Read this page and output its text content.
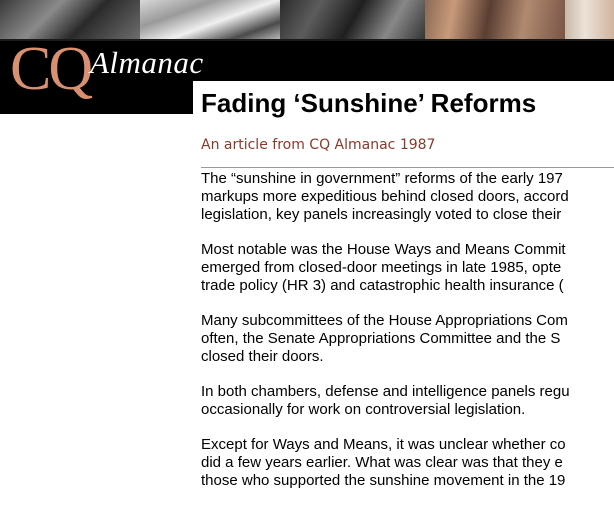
CQ Almanac
Fading ‘Sunshine’ Reforms
An article from CQ Almanac 1987

The “sunshine in government” reforms of the early 197
markups more expeditious behind closed doors, accord
legislation, key panels increasingly voted to close their

Most notable was the House Ways and Means Commit
emerged from closed-door meetings in late 1985, opte
trade policy (HR 3) and catastrophic health insurance (

Many subcommittees of the House Appropriations Com
often, the Senate Appropriations Committee and the S
closed their doors.

In both chambers, defense and intelligence panels regu
occasionally for work on controversial legislation.

Except for Ways and Means, it was unclear whether co
did a few years earlier. What was clear was that they e
those who supported the sunshine movement in the 19
